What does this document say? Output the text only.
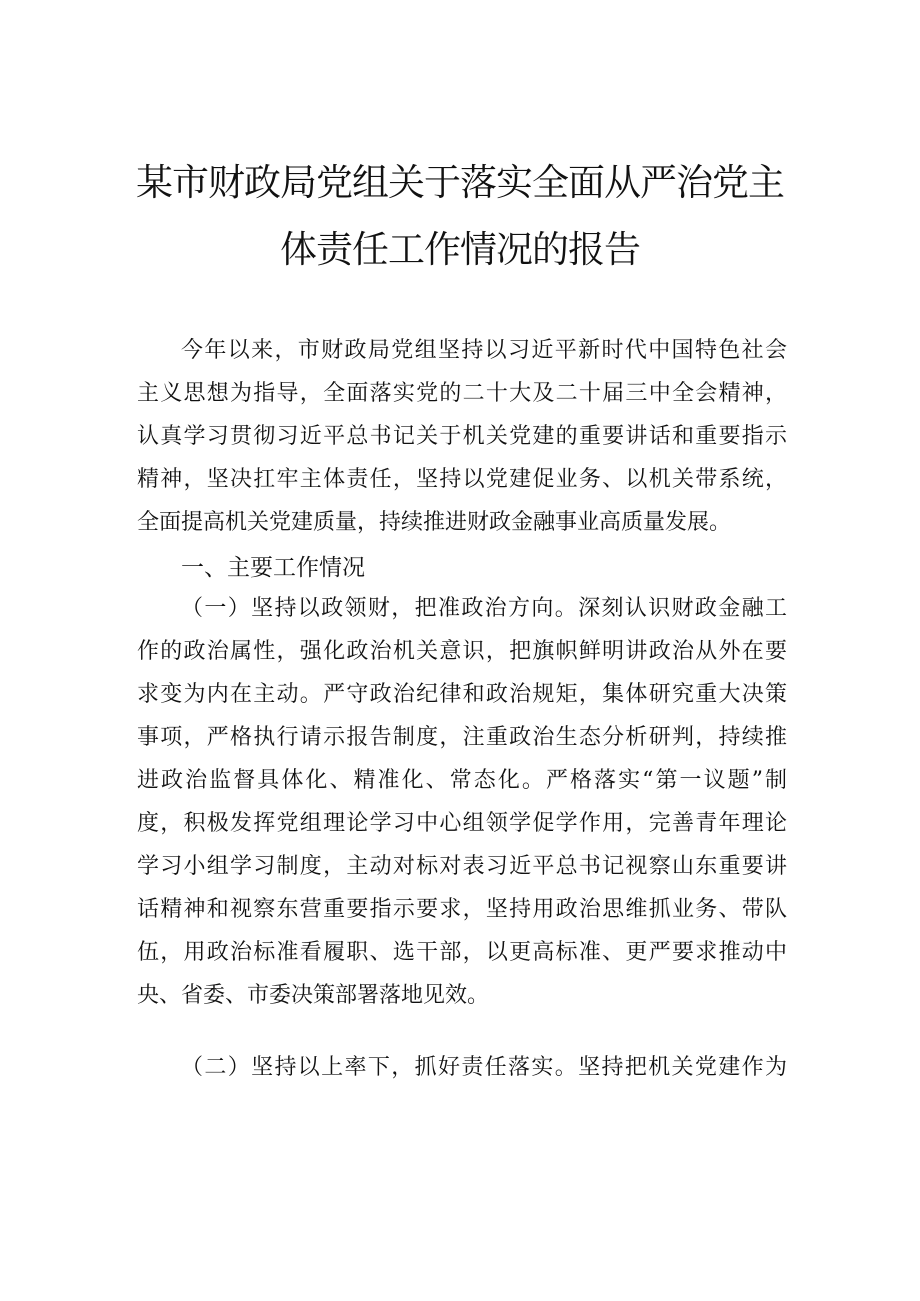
某市财政局党组关于落实全面从严治党主
体责任工作情况的报告
今年以来，市财政局党组坚持以习近平新时代中国特色社会
主义思想为指导，全面落实党的二十大及二十届三中全会精神，
认真学习贯彻习近平总书记关于机关党建的重要讲话和重要指示
精神，坚决扛牢主体责任，坚持以党建促业务、以机关带系统，
全面提高机关党建质量，持续推进财政金融事业高质量发展。
一、主要工作情况
（一）坚持以政领财，把准政治方向。深刻认识财政金融工
作的政治属性，强化政治机关意识，把旗帜鲜明讲政治从外在要
求变为内在主动。严守政治纪律和政治规矩，集体研究重大决策
事项，严格执行请示报告制度，注重政治生态分析研判，持续推
进政治监督具体化、精准化、常态化。严格落实“第一议题”制
度，积极发挥党组理论学习中心组领学促学作用，完善青年理论
学习小组学习制度，主动对标对表习近平总书记视察山东重要讲
话精神和视察东营重要指示要求，坚持用政治思维抓业务、带队
伍，用政治标准看履职、选干部，以更高标准、更严要求推动中
央、省委、市委决策部署落地见效。
（二）坚持以上率下，抓好责任落实。坚持把机关党建作为
